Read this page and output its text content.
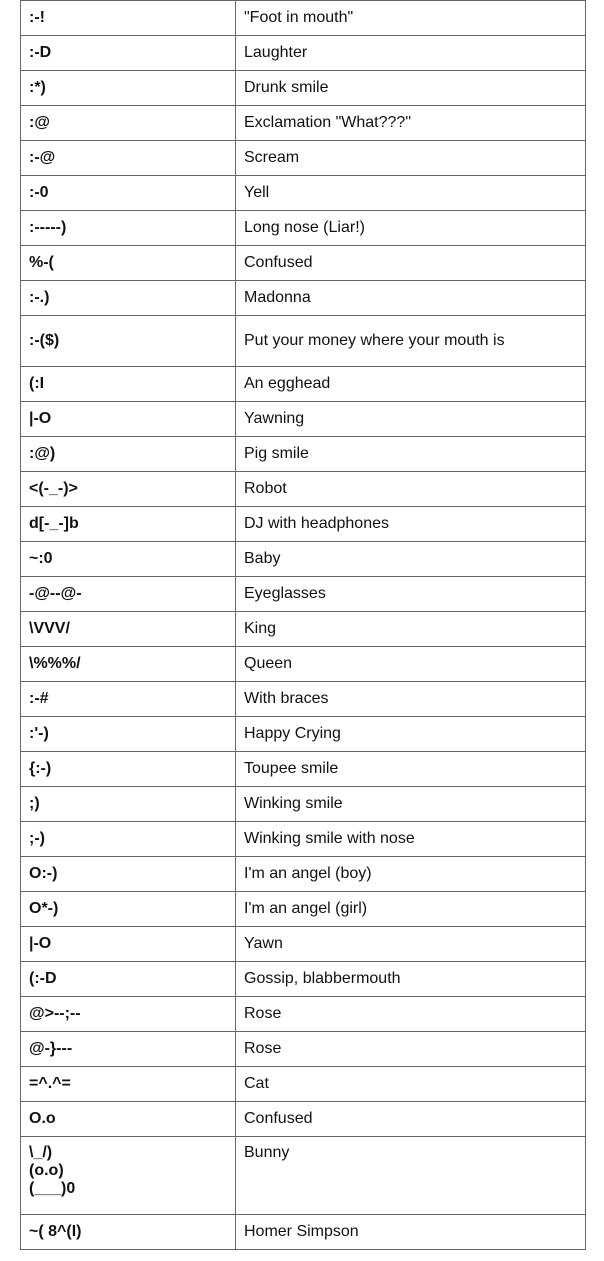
:-!	"Foot in mouth"
:-D	Laughter
:*)	Drunk smile
:@	Exclamation "What???"
:-@	Scream
:-0	Yell
:-----)	Long nose (Liar!)
%-(	Confused
:-.)	Madonna
:-($)	Put your money where your mouth is
(:I	An egghead
|-O	Yawning
:@)	Pig smile
<(-_-)>	Robot
d[-_-]b	DJ with headphones
~:0	Baby
-@--@-	Eyeglasses
\VVV/	King
\%%%/	Queen
:-#	With braces
:'-)	Happy Crying
{:-)	Toupee smile
;)	Winking smile
;-)	Winking smile with nose
O:-)	I'm an angel (boy)
O*-)	I'm an angel (girl)
|-O	Yawn
(:-D	Gossip, blabbermouth
@>--;--	Rose
@-}---	Rose
=^.^=	Cat
O.o	Confused
\_/)
(o.o)
(___)0	Bunny
~( 8^(I)	Homer Simpson
